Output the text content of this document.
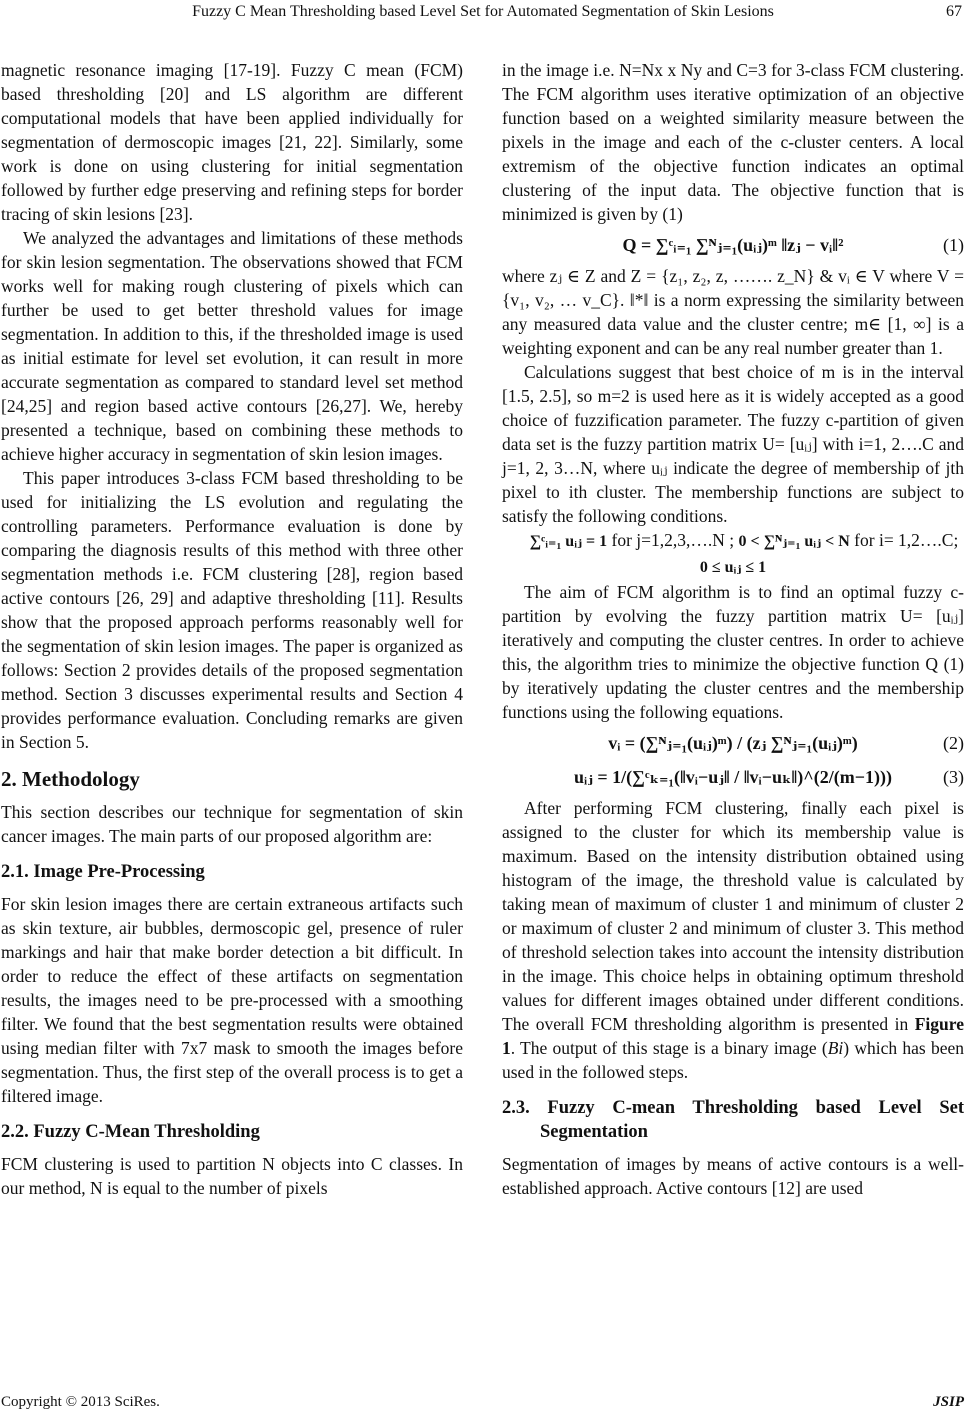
Fuzzy C Mean Thresholding based Level Set for Automated Segmentation of Skin Lesions	67

magnetic resonance imaging [17-19]. Fuzzy C mean (FCM) based thresholding [20] and LS algorithm are different computational models that have been applied individually for segmentation of dermoscopic images [21, 22]. Similarly, some work is done on using clustering for initial segmentation followed by further edge preserving and refining steps for border tracing of skin lesions [23].

We analyzed the advantages and limitations of these methods for skin lesion segmentation. The observations showed that FCM works well for making rough clustering of pixels which can further be used to get better threshold values for image segmentation. In addition to this, if the thresholded image is used as initial estimate for level set evolution, it can result in more accurate segmentation as compared to standard level set method [24,25] and region based active contours [26,27]. We, hereby presented a technique, based on combining these methods to achieve higher accuracy in segmentation of skin lesion images.

This paper introduces 3-class FCM based thresholding to be used for initializing the LS evolution and regulating the controlling parameters. Performance evaluation is done by comparing the diagnosis results of this method with three other segmentation methods i.e. FCM clustering [28], region based active contours [26, 29] and adaptive thresholding [11]. Results show that the proposed approach performs reasonably well for the segmentation of skin lesion images. The paper is organized as follows: Section 2 provides details of the proposed segmentation method. Section 3 discusses experimental results and Section 4 provides performance evaluation. Concluding remarks are given in Section 5.

2. Methodology

This section describes our technique for segmentation of skin cancer images. The main parts of our proposed algorithm are:

2.1. Image Pre-Processing

For skin lesion images there are certain extraneous artifacts such as skin texture, air bubbles, dermoscopic gel, presence of ruler markings and hair that make border detection a bit difficult. In order to reduce the effect of these artifacts on segmentation results, the images need to be pre-processed with a smoothing filter. We found that the best segmentation results were obtained using median filter with 7x7 mask to smooth the images before segmentation. Thus, the first step of the overall process is to get a filtered image.

2.2. Fuzzy C-Mean Thresholding

FCM clustering is used to partition N objects into C classes. In our method, N is equal to the number of pixels

in the image i.e. N=Nx x Ny and C=3 for 3-class FCM clustering. The FCM algorithm uses iterative optimization of an objective function based on a weighted similarity measure between the pixels in the image and each of the c-cluster centers. A local extremism of the objective function indicates an optimal clustering of the input data. The objective function that is minimized is given by (1)

Q = ∑ᶜᵢ₌₁ ∑ᴺⱼ₌₁(uᵢⱼ)ᵐ ‖zⱼ − vᵢ‖²	(1)

where zⱼ ∈ Z and Z = {z₁, z₂, z, ……. z_N} & vᵢ ∈ V where V = {v₁, v₂, … v_C}. ‖*‖ is a norm expressing the similarity between any measured data value and the cluster centre; m∈ [1, ∞] is a weighting exponent and can be any real number greater than 1.

Calculations suggest that best choice of m is in the interval [1.5, 2.5], so m=2 is used here as it is widely accepted as a good choice of fuzzification parameter. The fuzzy c-partition of given data set is the fuzzy partition matrix U= [uᵢⱼ] with i=1, 2….C and j=1, 2, 3…N, where uᵢⱼ indicate the degree of membership of jth pixel to ith cluster. The membership functions are subject to satisfy the following conditions.

∑ᶜᵢ₌₁ uᵢⱼ = 1 for j=1,2,3,….N ; 0 < ∑ᴺⱼ₌₁ uᵢⱼ < N for i= 1,2….C; 0 ≤ uᵢⱼ ≤ 1

The aim of FCM algorithm is to find an optimal fuzzy c-partition by evolving the fuzzy partition matrix U= [uᵢⱼ] iteratively and computing the cluster centres. In order to achieve this, the algorithm tries to minimize the objective function Q (1) by iteratively updating the cluster centres and the membership functions using the following equations.

vᵢ = (∑ᴺⱼ₌₁(uᵢⱼ)ᵐ) / (zⱼ ∑ᴺⱼ₌₁(uᵢⱼ)ᵐ)	(2)
uᵢⱼ = 1/(∑ᶜₖ₌₁(‖vᵢ−uⱼ‖ / ‖vᵢ−uₖ‖)^(2/(m−1)))	(3)

After performing FCM clustering, finally each pixel is assigned to the cluster for which its membership value is maximum. Based on the intensity distribution obtained using histogram of the image, the threshold value is calculated by taking mean of maximum of cluster 1 and minimum of cluster 2 or maximum of cluster 2 and minimum of cluster 3. This method of threshold selection takes into account the intensity distribution in the image. This choice helps in obtaining optimum threshold values for different images obtained under different conditions. The overall FCM thresholding algorithm is presented in Figure 1. The output of this stage is a binary image (Bi) which has been used in the followed steps.

2.3. Fuzzy C-mean Thresholding based Level Set Segmentation

Segmentation of images by means of active contours is a well-established approach. Active contours [12] are used

Copyright © 2013 SciRes.	JSIP
